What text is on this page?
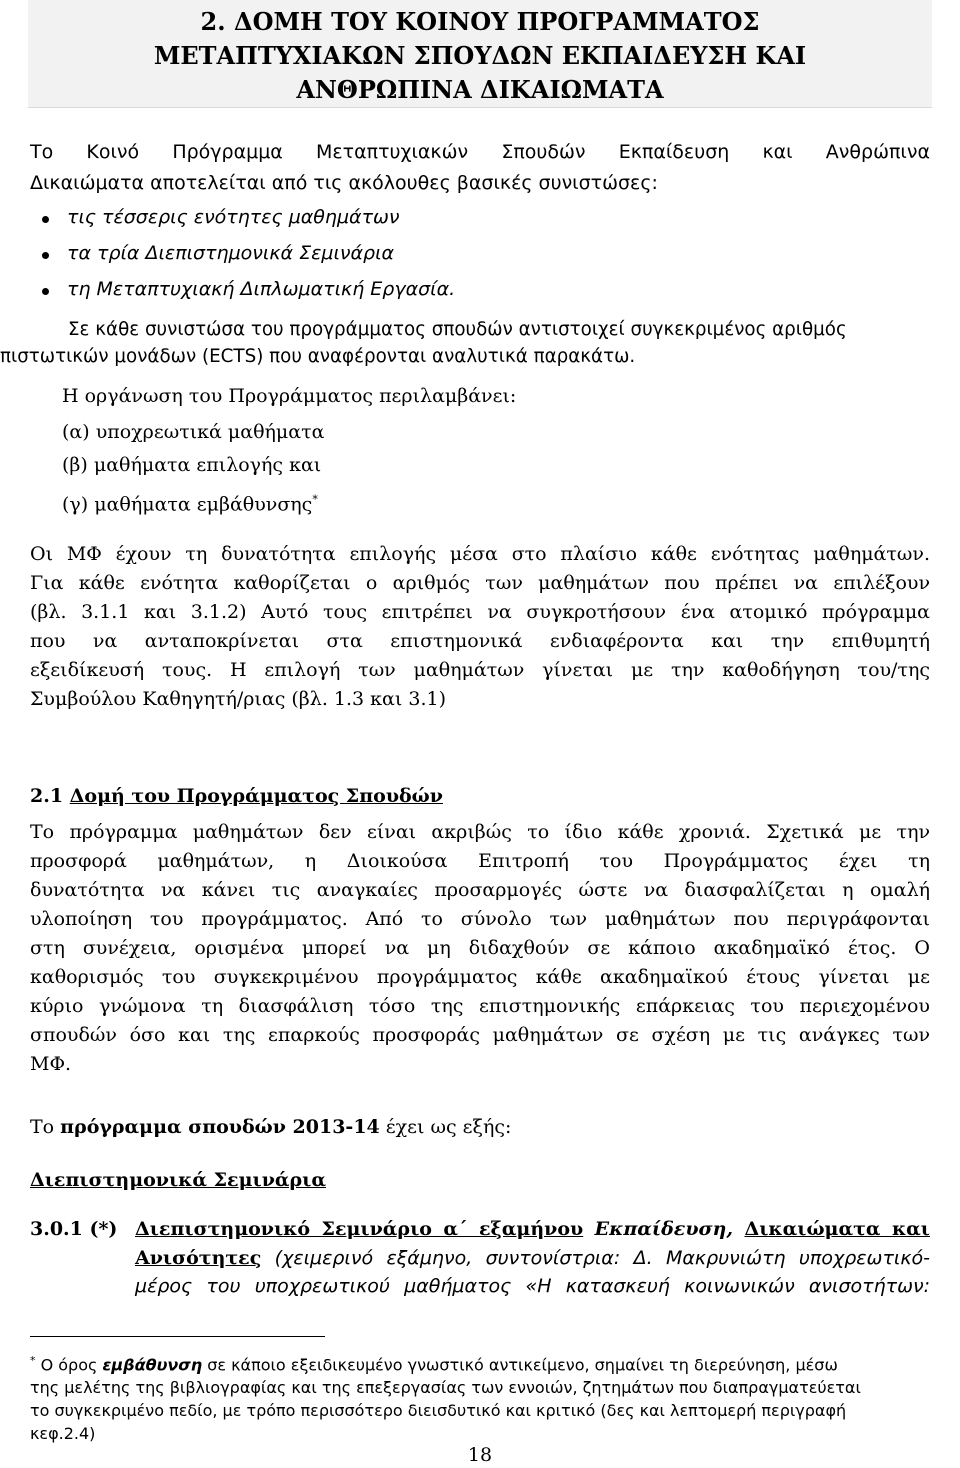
2. ΔΟΜΗ ΤΟΥ ΚΟΙΝΟΥ ΠΡΟΓΡΑΜΜΑΤΟΣ
ΜΕΤΑΠΤΥΧΙΑΚΩΝ ΣΠΟΥΔΩΝ ΕΚΠΑΙΔΕΥΣΗ ΚΑΙ
ΑΝΘΡΩΠΙΝΑ ΔΙΚΑΙΩΜΑΤΑ
Το Κοινό Πρόγραμμα Μεταπτυχιακών Σπουδών Εκπαίδευση και Ανθρώπινα
Δικαιώματα αποτελείται από τις ακόλουθες βασικές συνιστώσες:
τις τέσσερις ενότητες μαθημάτων
τα τρία Διεπιστημονικά Σεμινάρια
τη Μεταπτυχιακή Διπλωματική Εργασία.
Σε κάθε συνιστώσα του προγράμματος σπουδών αντιστοιχεί συγκεκριμένος αριθμός
πιστωτικών μονάδων (ECTS) που αναφέρονται αναλυτικά παρακάτω.
Η οργάνωση του Προγράμματος περιλαμβάνει:
(α) υποχρεωτικά μαθήματα
(β) μαθήματα επιλογής και
(γ) μαθήματα εμβάθυνσης*
Οι ΜΦ έχουν τη δυνατότητα επιλογής μέσα στο πλαίσιο κάθε ενότητας μαθημάτων.
Για κάθε ενότητα καθορίζεται ο αριθμός των μαθημάτων που πρέπει να επιλέξουν
(βλ. 3.1.1 και 3.1.2) Αυτό τους επιτρέπει να συγκροτήσουν ένα ατομικό πρόγραμμα
που να ανταποκρίνεται στα επιστημονικά ενδιαφέροντα και την επιθυμητή
εξειδίκευσή τους. Η επιλογή των μαθημάτων γίνεται με την καθοδήγηση του/της
Συμβούλου Καθηγητή/ριας (βλ. 1.3 και 3.1)
2.1 Δομή του Προγράμματος Σπουδών
Το πρόγραμμα μαθημάτων δεν είναι ακριβώς το ίδιο κάθε χρονιά. Σχετικά με την
προσφορά μαθημάτων, η Διοικούσα Επιτροπή του Προγράμματος έχει τη
δυνατότητα να κάνει τις αναγκαίες προσαρμογές ώστε να διασφαλίζεται η ομαλή
υλοποίηση του προγράμματος. Από το σύνολο των μαθημάτων που περιγράφονται
στη συνέχεια, ορισμένα μπορεί να μη διδαχθούν σε κάποιο ακαδημαϊκό έτος. Ο
καθορισμός του συγκεκριμένου προγράμματος κάθε ακαδημαϊκού έτους γίνεται με
κύριο γνώμονα τη διασφάλιση τόσο της επιστημονικής επάρκειας του περιεχομένου
σπουδών όσο και της επαρκούς προσφοράς μαθημάτων σε σχέση με τις ανάγκες των
ΜΦ.
Το πρόγραμμα σπουδών 2013-14 έχει ως εξής:
Διεπιστημονικά Σεμινάρια
3.0.1 (*) Διεπιστημονικό Σεμινάριο α΄ εξαμήνου Εκπαίδευση, Δικαιώματα και
Ανισότητες (χειμερινό εξάμηνο, συντονίστρια: Δ. Μακρυνιώτη υποχρεωτικό-
μέρος του υποχρεωτικού μαθήματος «Η κατασκευή κοινωνικών ανισοτήτων:
* Ο όρος εμβάθυνση σε κάποιο εξειδικευμένο γνωστικό αντικείμενο, σημαίνει τη διερεύνηση, μέσω
της μελέτης της βιβλιογραφίας και της επεξεργασίας των εννοιών, ζητημάτων που διαπραγματεύεται
το συγκεκριμένο πεδίο, με τρόπο περισσότερο διεισδυτικό και κριτικό (δες και λεπτομερή περιγραφή
κεφ.2.4)
18
